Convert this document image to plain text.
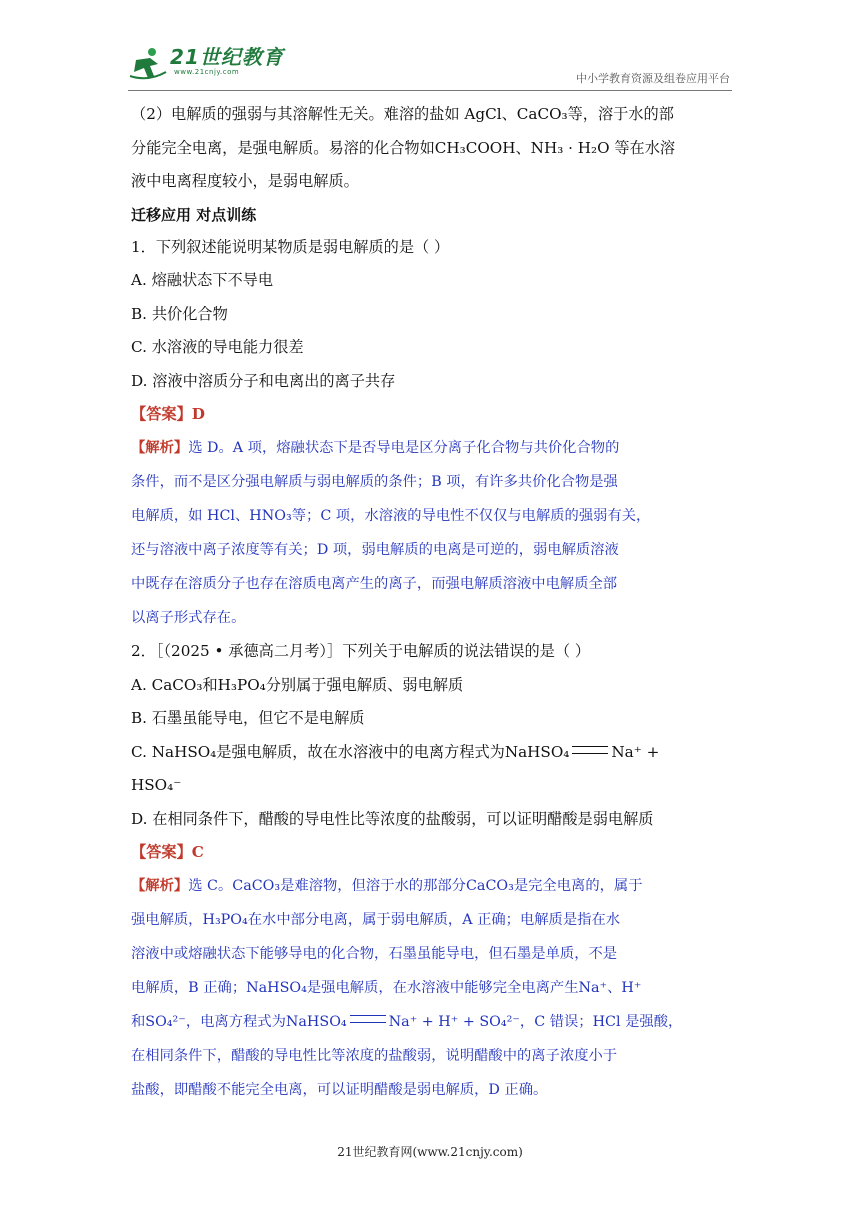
21世纪教育
www.21cnjy.com	中小学教育资源及组卷应用平台

（2）电解质的强弱与其溶解性无关。难溶的盐如 AgCl、CaCO₃等，溶于水的部

分能完全电离，是强电解质。易溶的化合物如CH₃COOH、NH₃ · H₂O 等在水溶

液中电离程度较小，是弱电解质。

迁移应用 对点训练

1．下列叙述能说明某物质是弱电解质的是（ ）

A. 熔融状态下不导电

B. 共价化合物

C. 水溶液的导电能力很差

D. 溶液中溶质分子和电离出的离子共存

【答案】D

【解析】选 D。A 项，熔融状态下是否导电是区分离子化合物与共价化合物的

条件，而不是区分强电解质与弱电解质的条件；B 项，有许多共价化合物是强

电解质，如 HCl、HNO₃等；C 项，水溶液的导电性不仅仅与电解质的强弱有关，

还与溶液中离子浓度等有关；D 项，弱电解质的电离是可逆的，弱电解质溶液

中既存在溶质分子也存在溶质电离产生的离子，而强电解质溶液中电解质全部

以离子形式存在。

2．［（2025 • 承德高二月考）］下列关于电解质的说法错误的是（ ）

A. CaCO₃和H₃PO₄分别属于强电解质、弱电解质

B. 石墨虽能导电，但它不是电解质

C. NaHSO₄是强电解质，故在水溶液中的电离方程式为NaHSO₄	Na⁺ +

HSO₄⁻

D. 在相同条件下，醋酸的导电性比等浓度的盐酸弱，可以证明醋酸是弱电解质

【答案】C

【解析】选 C。CaCO₃是难溶物，但溶于水的那部分CaCO₃是完全电离的，属于

强电解质，H₃PO₄在水中部分电离，属于弱电解质，A 正确；电解质是指在水

溶液中或熔融状态下能够导电的化合物，石墨虽能导电，但石墨是单质，不是

电解质，B 正确；NaHSO₄是强电解质，在水溶液中能够完全电离产生Na⁺、H⁺

和SO₄²⁻，电离方程式为NaHSO₄	Na⁺ + H⁺ + SO₄²⁻，C 错误；HCl 是强酸，

在相同条件下，醋酸的导电性比等浓度的盐酸弱，说明醋酸中的离子浓度小于

盐酸，即醋酸不能完全电离，可以证明醋酸是弱电解质，D 正确。

21世纪教育网(www.21cnjy.com)
